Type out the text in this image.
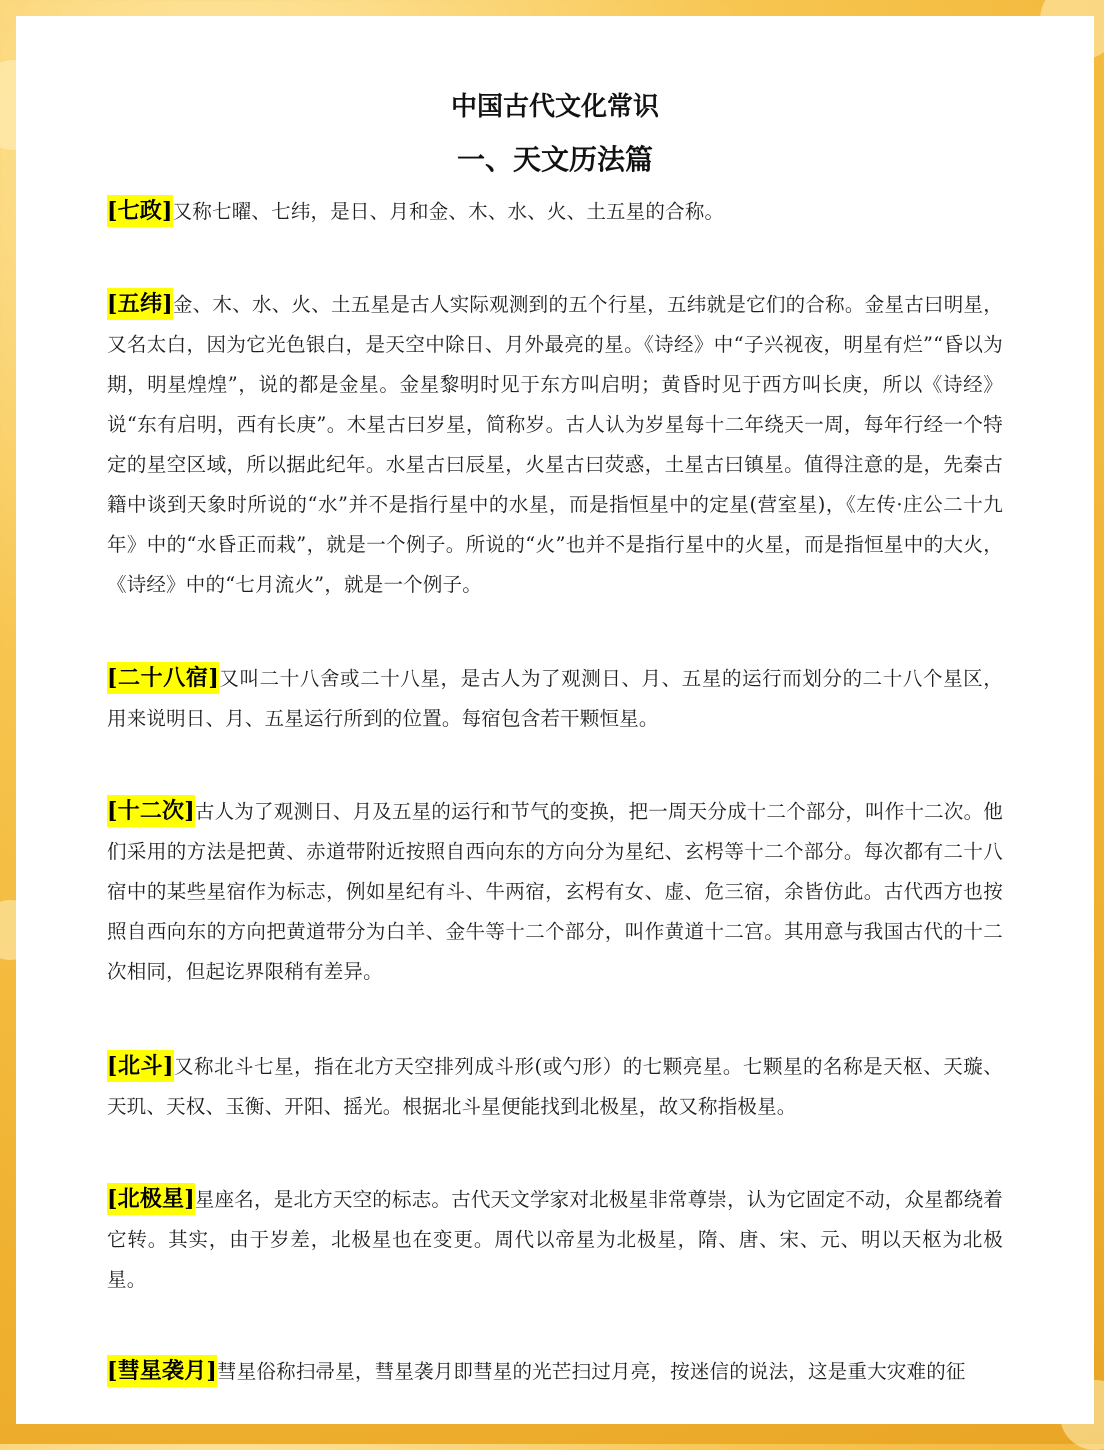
中国古代文化常识
一、天文历法篇

[七政]又称七曜、七纬，是日、月和金、木、水、火、土五星的合称。

[五纬]金、木、水、火、土五星是古人实际观测到的五个行星，五纬就是它们的合称。金星古曰明星，又名太白，因为它光色银白，是天空中除日、月外最亮的星。《诗经》中“子兴视夜，明星有烂”“昏以为期，明星煌煌”，说的都是金星。金星黎明时见于东方叫启明；黄昏时见于西方叫长庚，所以《诗经》说“东有启明，西有长庚”。木星古曰岁星，简称岁。古人认为岁星每十二年绕天一周，每年行经一个特定的星空区域，所以据此纪年。水星古曰辰星，火星古曰荧惑，土星古曰镇星。值得注意的是，先秦古籍中谈到天象时所说的“水”并不是指行星中的水星，而是指恒星中的定星(营室星)，《左传·庄公二十九年》中的“水昏正而栽”，就是一个例子。所说的“火”也并不是指行星中的火星，而是指恒星中的大火，《诗经》中的“七月流火”，就是一个例子。

[二十八宿]又叫二十八舍或二十八星，是古人为了观测日、月、五星的运行而划分的二十八个星区，用来说明日、月、五星运行所到的位置。每宿包含若干颗恒星。

[十二次]古人为了观测日、月及五星的运行和节气的变换，把一周天分成十二个部分，叫作十二次。他们采用的方法是把黄、赤道带附近按照自西向东的方向分为星纪、玄枵等十二个部分。每次都有二十八宿中的某些星宿作为标志，例如星纪有斗、牛两宿，玄枵有女、虚、危三宿，余皆仿此。古代西方也按照自西向东的方向把黄道带分为白羊、金牛等十二个部分，叫作黄道十二宫。其用意与我国古代的十二次相同，但起讫界限稍有差异。

[北斗]又称北斗七星，指在北方天空排列成斗形(或勺形）的七颗亮星。七颗星的名称是天枢、天璇、天玑、天权、玉衡、开阳、摇光。根据北斗星便能找到北极星，故又称指极星。

[北极星]星座名，是北方天空的标志。古代天文学家对北极星非常尊崇，认为它固定不动，众星都绕着它转。其实，由于岁差，北极星也在变更。周代以帝星为北极星，隋、唐、宋、元、明以天枢为北极星。

[彗星袭月]彗星俗称扫帚星，彗星袭月即彗星的光芒扫过月亮，按迷信的说法，这是重大灾难的征
